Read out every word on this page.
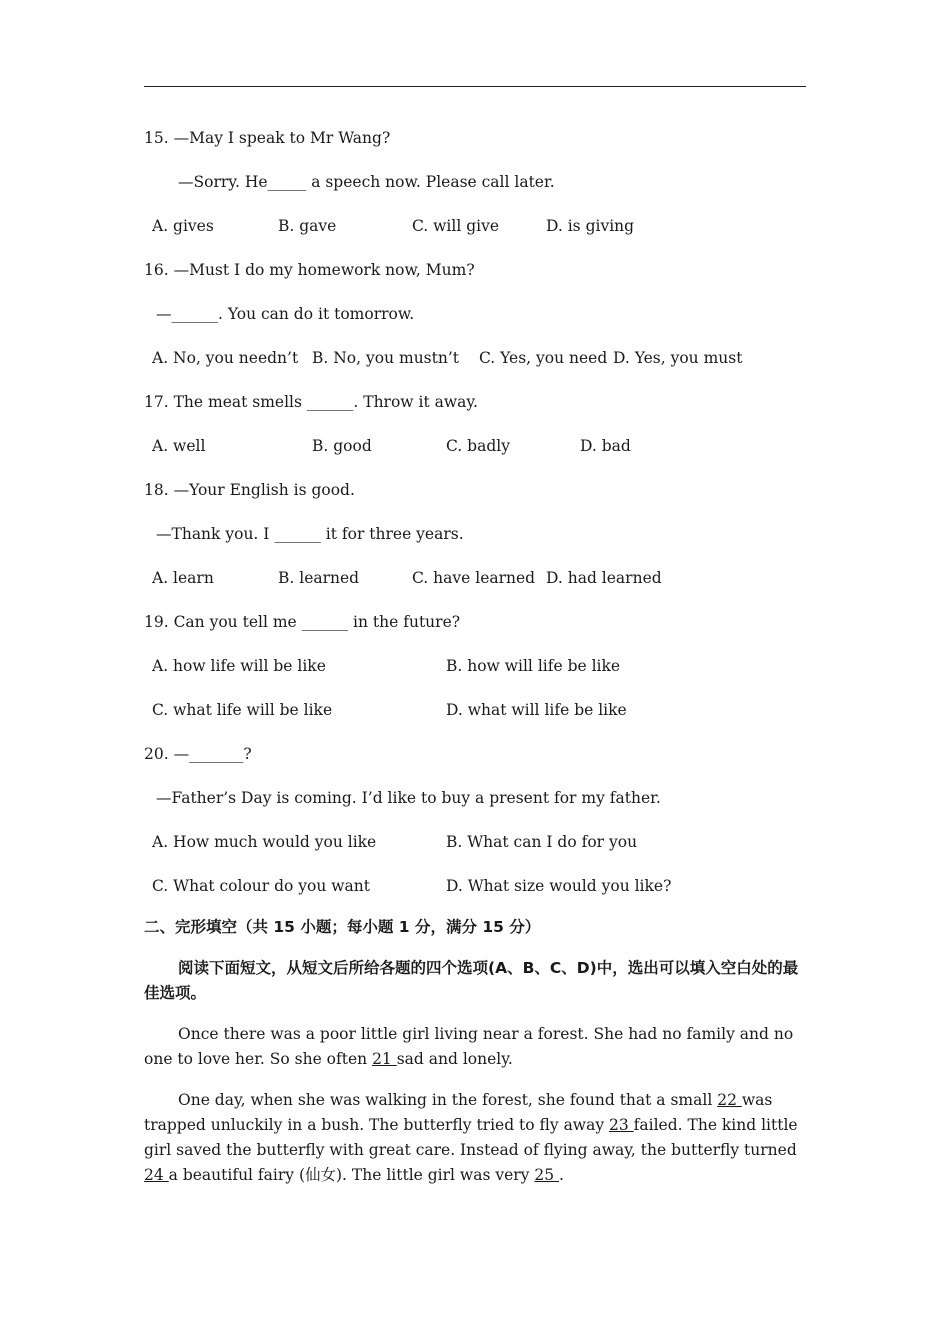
15. —May I speak to Mr Wang?
—Sorry. He_____ a speech now. Please call later.
A. gives	B. gave	C. will give	D. is giving
16. —Must I do my homework now, Mum?
—______. You can do it tomorrow.
A. No, you needn’t B. No, you mustn’t C. Yes, you need D. Yes, you must
17. The meat smells ______. Throw it away.
A. well	B. good	C. badly	D. bad
18. —Your English is good.
—Thank you. I ______ it for three years.
A. learn	B. learned	C. have learned D. had learned
19. Can you tell me ______ in the future?
A. how life will be like	B. how will life be like
C. what life will be like	D. what will life be like
20. —_______?
—Father’s Day is coming. I’d like to buy a present for my father.
A. How much would you like	B. What can I do for you
C. What colour do you want	D. What size would you like?
二、完形填空（共 15 小题；每小题 1 分，满分 15 分）
阅读下面短文，从短文后所给各题的四个选项(A、B、C、D)中，选出可以填入空白处的最佳选项。
Once there was a poor little girl living near a forest. She had no family and no one to love her. So she often 21 sad and lonely.
One day, when she was walking in the forest, she found that a small 22 was trapped unluckily in a bush. The butterfly tried to fly away 23 failed. The kind little girl saved the butterfly with great care. Instead of flying away, the butterfly turned 24 a beautiful fairy (仙女). The little girl was very 25 .
